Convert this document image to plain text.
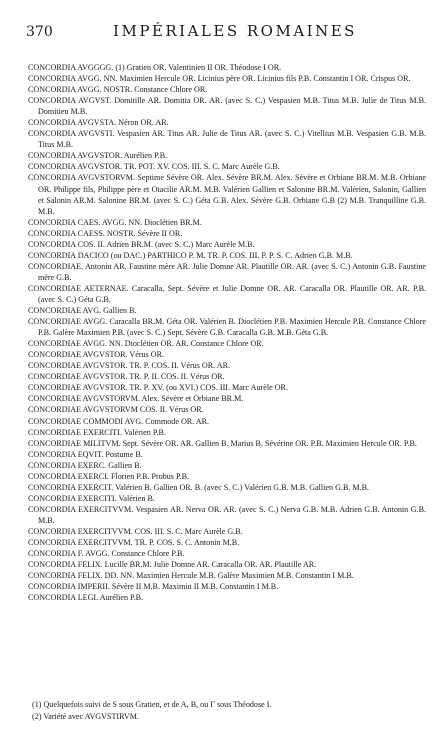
370	IMPÉRIALES ROMAINES

CONCORDIA AVGGGG. (1) Gratien OR. Valentinien II OR. Théodose I OR.

CONCORDIA AVGG. NN. Maximien Hercule OR. Licinius père OR. Licinius fils P.B. Constantin I OR. Crispus OR.

CONCORDIA AVGG. NOSTR. Constance Chlore OR.

CONCORDIA AVGVST. Domitille AR. Domitia OR. AR. (avec S. C.) Vespasien M.B. Titus M.B. Julie de Titus M.B. Domitien M.B.

CONCORDIA AVGVSTA. Néron OR. AR.

CONCORDIA AVGVSTI. Vespasien AR. Titus AR. Julie de Titus AR. (avec S. C.) Vitellius M.B. Vespasien G.B. M.B. Titus M.B.

CONCORDIA AVGVSTOR. Aurélien P.B.

CONCORDIA AVGVSTOR. TR. POT. XV. COS. III. S. C. Marc Aurèle G.B.

CONCORDIA AVGVSTORVM. Septime Sévère OR. Alex. Sévère BR.M. Alex. Sévère et Orbiane BR.M. M.B. Orbiane OR. Philippe fils, Philippe père et Otacilie AR.M. M.B. Valérien Gallien et Salonine BR.M. Valérien, Salonin, Gallien et Salonin AR.M. Salonine BR.M. (avec S. C.) Géta G.B. Alex. Sévère G.B. Orbiane G.B (2) M.B. Tranquilline G.B. M.B.

CONCORDIA CAES. AVGG. NN. Dioclétien BR.M.

CONCORDIA CAESS. NOSTR. Sévère II OR.

CONCORDIA COS. II. Adrien BR.M. (avec S. C.) Marc Aurèle M.B.

CONCORDIA DACICO (ou DAC.) PARTHICO P. M. TR. P. COS. III. P. P. S. C. Adrien G.B. M.B.

CONCORDIAE. Antonin AR. Faustine mère AR. Julie Domne AR. Plautille OR. AR. (avec S. C.) Antonin G.B. Faustine mère G.B.

CONCORDIAE AETERNAE. Caracalla, Sept. Sévère et Julie Domne OR. AR. Caracalla OR. Plautille OR. AR. P.B. (avec S. C.) Géta G.B.

CONCORDIAE AVG. Gallien B.

CONCORDIAE AVGG. Caracalla BR.M. Géta OR. Valérien B. Dioclétien P.B. Maximien Hercule P.B. Constance Chlore P.B. Galère Maximien P.B. (avec S. C.) Sept. Sévère G.B. Caracalla G.B. M.B. Géta G.B.

CONCORDIAE AVGG. NN. Dioclétien OR. AR. Constance Chlore OR.

CONCORDIAE AVGVSTOR. Vérus OR.

CONCORDIAE AVGVSTOR. TR. P. COS. II. Vérus OR. AR.

CONCORDIAE AVGVSTOR. TR. P. II. COS. II. Vérus OR.

CONCORDIAE AVGVSTOR. TR. P. XV. (ou XVI.) COS. III. Marc Aurèle OR.

CONCORDIAE AVGVSTORVM. Alex. Sévère et Orbiane BR.M.

CONCORDIAE AVGVSTORVM COS. II. Vérus OR.

CONCORDIAE COMMODI AVG. Commode OR. AR.

CONCORDIAE EXERCITI. Valérien P.B.

CONCORDIAE MILITVM. Sept. Sévère OR. AR. Gallien B. Marius B. Sévérine OR. P.B. Maximien Hercule OR. P.B.

CONCORDIA EQVIT. Postume B.

CONCORDIA EXERC. Gallien B.

CONCORDIA EXERCI. Florien P.B. Probus P.B.

CONCORDIA EXERCIT. Valérien B. Gallien OR. B. (avec S. C.) Valérien G.B. M.B. Gallien G.B. M.B.

CONCORDIA EXERCITI. Valérien B.

CONCORDIA EXERCITVVM. Vespasien AR. Nerva OR. AR. (avec S. C.) Nerva G.B. M.B. Adrien G.B. Antonin G.B. M.B.

CONCORDIA EXERCITVVM. COS. III. S. C. Marc Aurèle G.B.

CONCORDIA EXERCITVVM. TR. P. COS. S. C. Antonin M.B.

CONCORDIA F. AVGG. Constance Chlore P.B.

CONCORDIA FELIX. Lucille BR.M. Julie Domne AR. Caracalla OR. AR. Plautille AR.

CONCORDIA FELIX. DD. NN. Maximien Hercule M.B. Galère Maximien M.B. Constantin I M.B.

CONCORDIA IMPERII. Sévère II M.B. Maximin II M.B. Constantin I M.B.

CONCORDIA LEGI. Aurélien P.B.

(1) Quelquefois suivi de S sous Gratien, et de A, B, ou Γ sous Théodose I.

(2) Variété avec AVGVSTIRVM.
